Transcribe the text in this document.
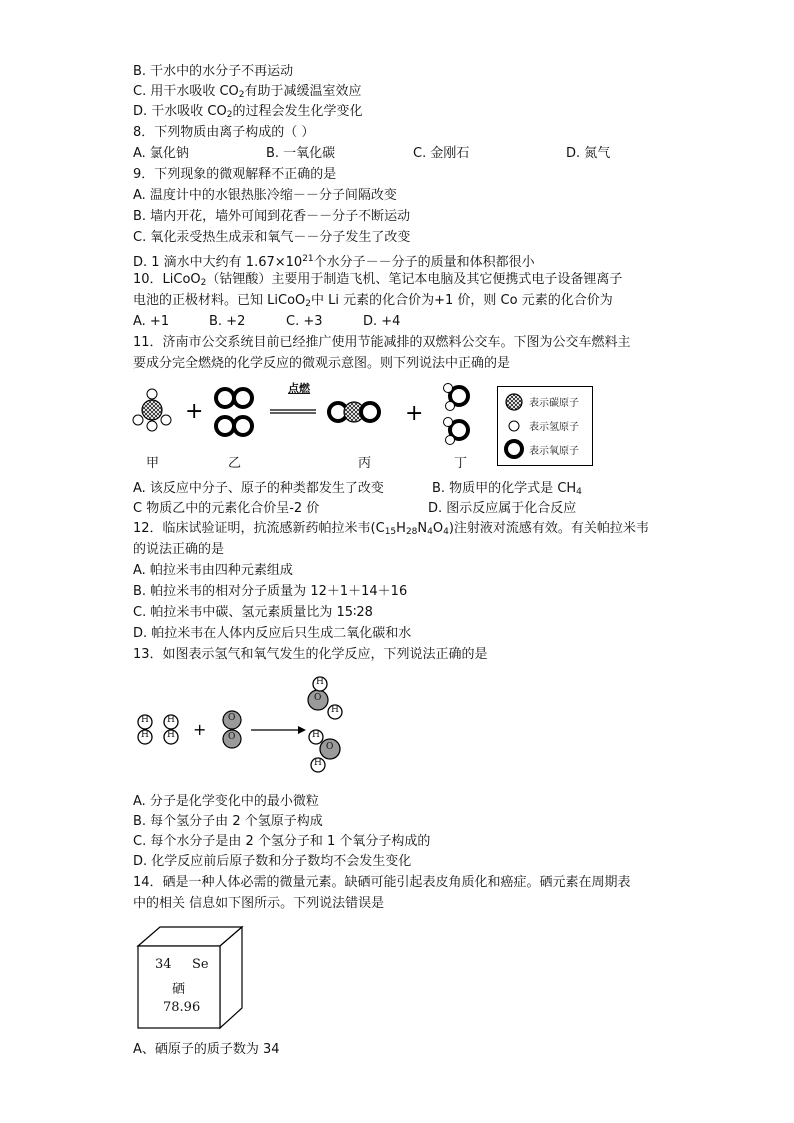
B. 干水中的水分子不再运动
C. 用干水吸收 $CO_2$有助于减缓温室效应
D. 干水吸收 $CO_2$的过程会发生化学变化
8．下列物质由离子构成的（ ）
A. 氯化钠	B. 一氧化碳	C. 金刚石	D. 氮气
9．下列现象的微观解释不正确的是
A. 温度计中的水银热胀冷缩－－分子间隔改变
B. 墙内开花，墙外可闻到花香－－分子不断运动
C. 氧化汞受热生成汞和氧气－－分子发生了改变
D. 1 滴水中大约有 $1.67\times 10^{21}$个水分子－－分子的质量和体积都很小
10．LiCoO$_2$（钴锂酸）主要用于制造飞机、笔记本电脑及其它便携式电子设备锂离子
电池的正极材料。已知 LiCoO$_2$中 Li 元素的化合价为+1 价，则 Co 元素的化合价为
A. +1	B. +2	C. +3	D. +4
11．济南市公交系统目前已经推广使用节能减排的双燃料公交车。下图为公交车燃料主
要成分完全燃烧的化学反应的微观示意图。则下列说法中正确的是
+	+
点燃
甲	乙	丙	丁
表示碳原子
表示氢原子
表示氧原子
A. 该反应中分子、原子的种类都发生了改变	B. 物质甲的化学式是 $CH_4$
C 物质乙中的元素化合价呈-2 价	D. 图示反应属于化合反应
12．临床试验证明，抗流感新药帕拉米韦$(C_{15}H_{28}N_4O_4)$注射液对流感有效。有关帕拉米韦
的说法正确的是
A. 帕拉米韦由四种元素组成
B. 帕拉米韦的相对分子质量为 12＋1＋14＋16
C. 帕拉米韦中碳、氢元素质量比为 15∶28
D. 帕拉米韦在人体内反应后只生成二氧化碳和水
13．如图表示氢气和氧气发生的化学反应，下列说法正确的是
+
H
H
H
H
O
O
H
O
H
H
O
H
A. 分子是化学变化中的最小微粒
B. 每个氢分子由 2 个氢原子构成
C. 每个水分子是由 2 个氢分子和 1 个氧分子构成的
D. 化学反应前后原子数和分子数均不会发生变化
14．硒是一种人体必需的微量元素。缺硒可能引起表皮角质化和癌症。硒元素在周期表
中的相关 信息如下图所示。下列说法错误是
34 Se
硒
78.96
A、硒原子的质子数为 34
